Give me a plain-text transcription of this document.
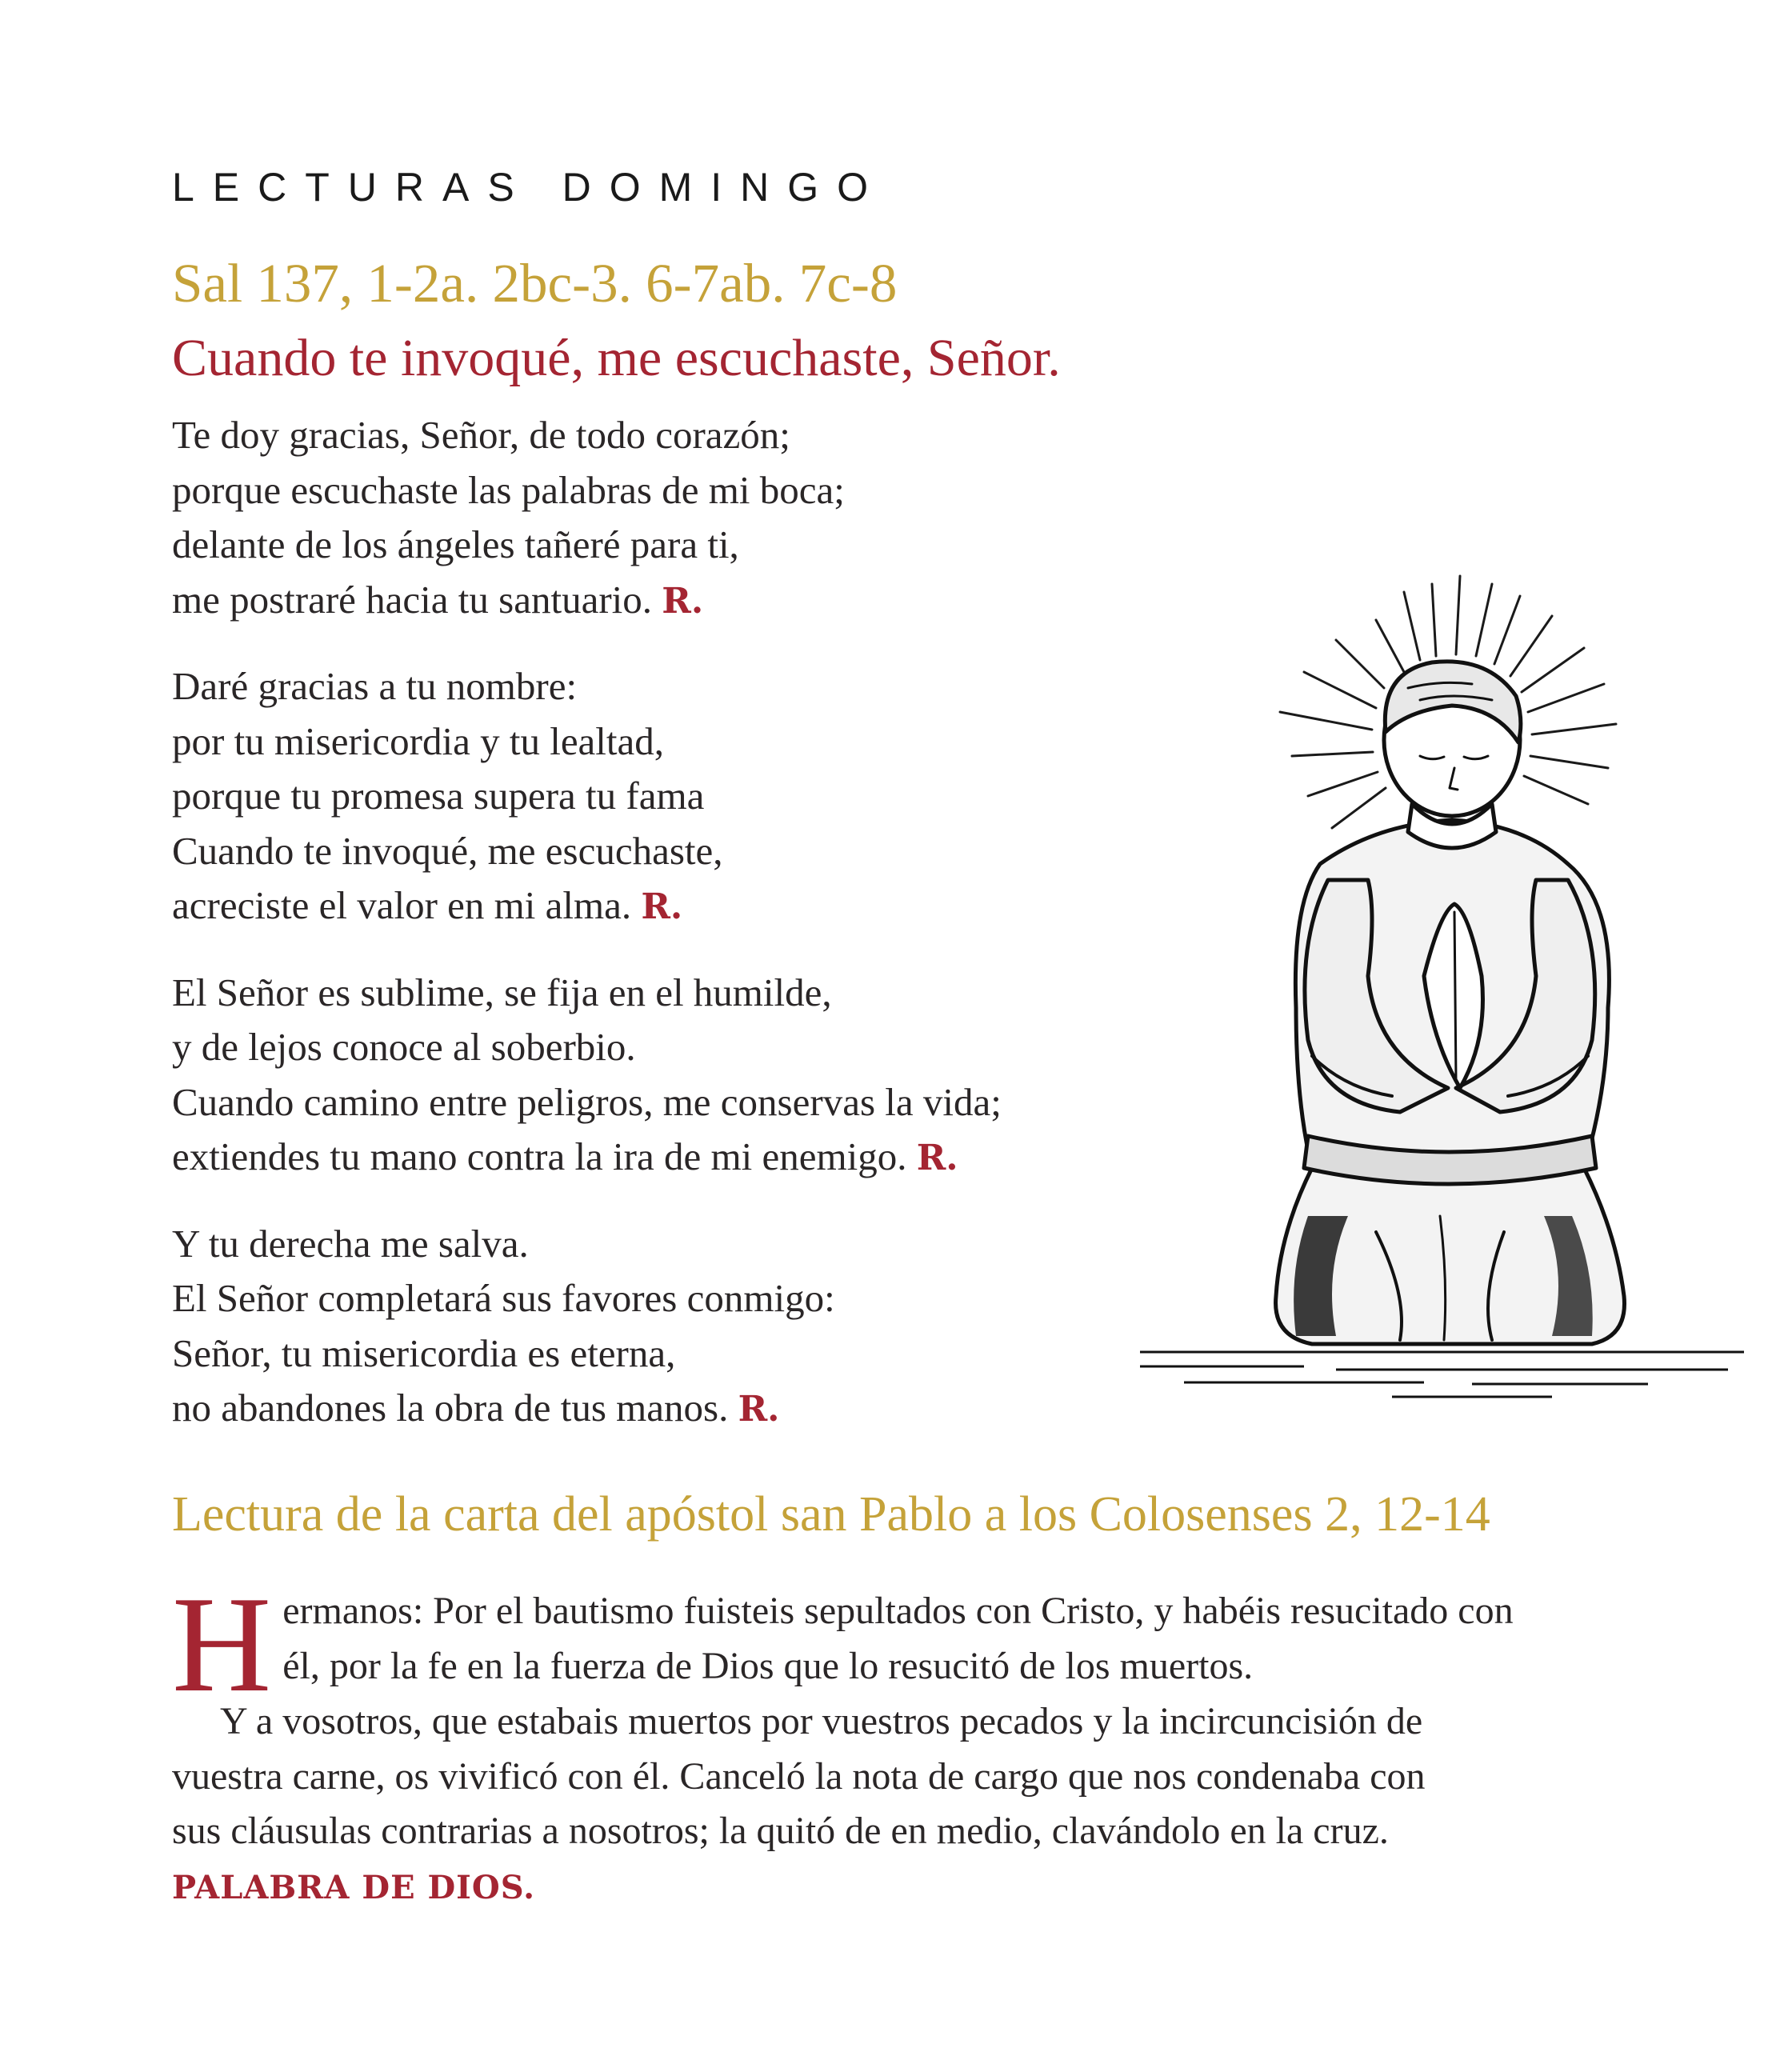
LECTURAS DOMINGO
Sal 137, 1-2a. 2bc-3. 6-7ab. 7c-8
Cuando te invoqué, me escuchaste, Señor.
Te doy gracias, Señor, de todo corazón;
porque escuchaste las palabras de mi boca;
delante de los ángeles tañeré para ti,
me postraré hacia tu santuario. R.
Daré gracias a tu nombre:
por tu misericordia y tu lealtad,
porque tu promesa supera tu fama
Cuando te invoqué, me escuchaste,
acreciste el valor en mi alma. R.
El Señor es sublime, se fija en el humilde,
y de lejos conoce al soberbio.
Cuando camino entre peligros, me conservas la vida;
extiendes tu mano contra la ira de mi enemigo. R.
Y tu derecha me salva.
El Señor completará sus favores conmigo:
Señor, tu misericordia es eterna,
no abandones la obra de tus manos. R.
Lectura de la carta del apóstol san Pablo a los Colosenses 2, 12-14
H ermanos: Por el bautismo fuisteis sepultados con Cristo, y habéis resucitado con
él, por la fe en la fuerza de Dios que lo resucitó de los muertos.
Y a vosotros, que estabais muertos por vuestros pecados y la incircuncisión de
vuestra carne, os vivificó con él. Canceló la nota de cargo que nos condenaba con
sus cláusulas contrarias a nosotros; la quitó de en medio, clavándolo en la cruz.
PALABRA DE DIOS.
